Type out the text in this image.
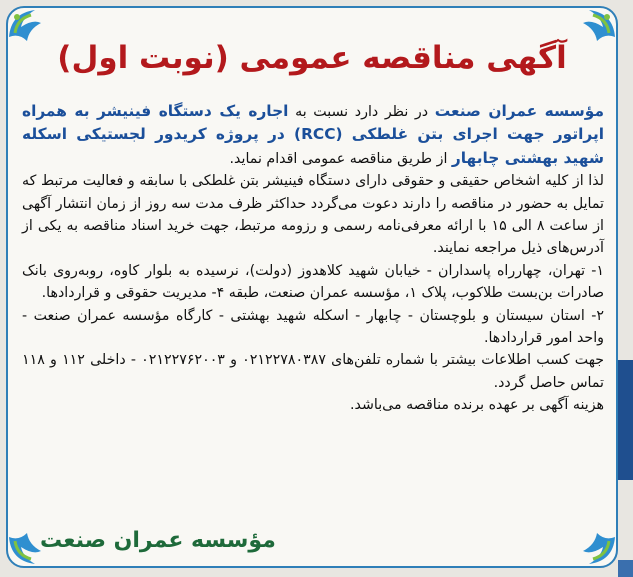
آگهی مناقصه عمومی (نوبت اول)

مؤسسه عمران صنعت در نظر دارد نسبت به اجاره یک دستگاه فینیشر به همراه اپراتور جهت اجرای بتن غلطکی (RCC) در پروژه کریدور لجستیکی اسکله شهید بهشتی چابهار از طریق مناقصه عمومی اقدام نماید.

لذا از کلیه اشخاص حقیقی و حقوقی دارای دستگاه فینیشر بتن غلطکی با سابقه و فعالیت مرتبط که تمایل به حضور در مناقصه را دارند دعوت می‌گردد حداکثر ظرف مدت سه روز از زمان انتشار آگهی از ساعت ۸ الی ۱۵ با ارائه معرفی‌نامه رسمی و رزومه مرتبط، جهت خرید اسناد مناقصه به یکی از آدرس‌های ذیل مراجعه نمایند.

۱- تهران، چهارراه پاسداران - خیابان شهید کلاهدوز (دولت)، نرسیده به بلوار کاوه، روبه‌روی بانک صادرات بن‌بست طلاکوب، پلاک ۱، مؤسسه عمران صنعت، طبقه ۴- مدیریت حقوقی و قراردادها.

۲- استان سیستان و بلوچستان - چابهار - اسکله شهید بهشتی - کارگاه مؤسسه عمران صنعت - واحد امور قراردادها.

جهت کسب اطلاعات بیشتر با شماره تلفن‌های ۰۲۱۲۲۷۸۰۳۸۷ و ۰۲۱۲۲۷۶۲۰۰۳ - داخلی ۱۱۲ و ۱۱۸ تماس حاصل گردد.

هزینه آگهی بر عهده برنده مناقصه می‌باشد.

مؤسسه عمران صنعت
